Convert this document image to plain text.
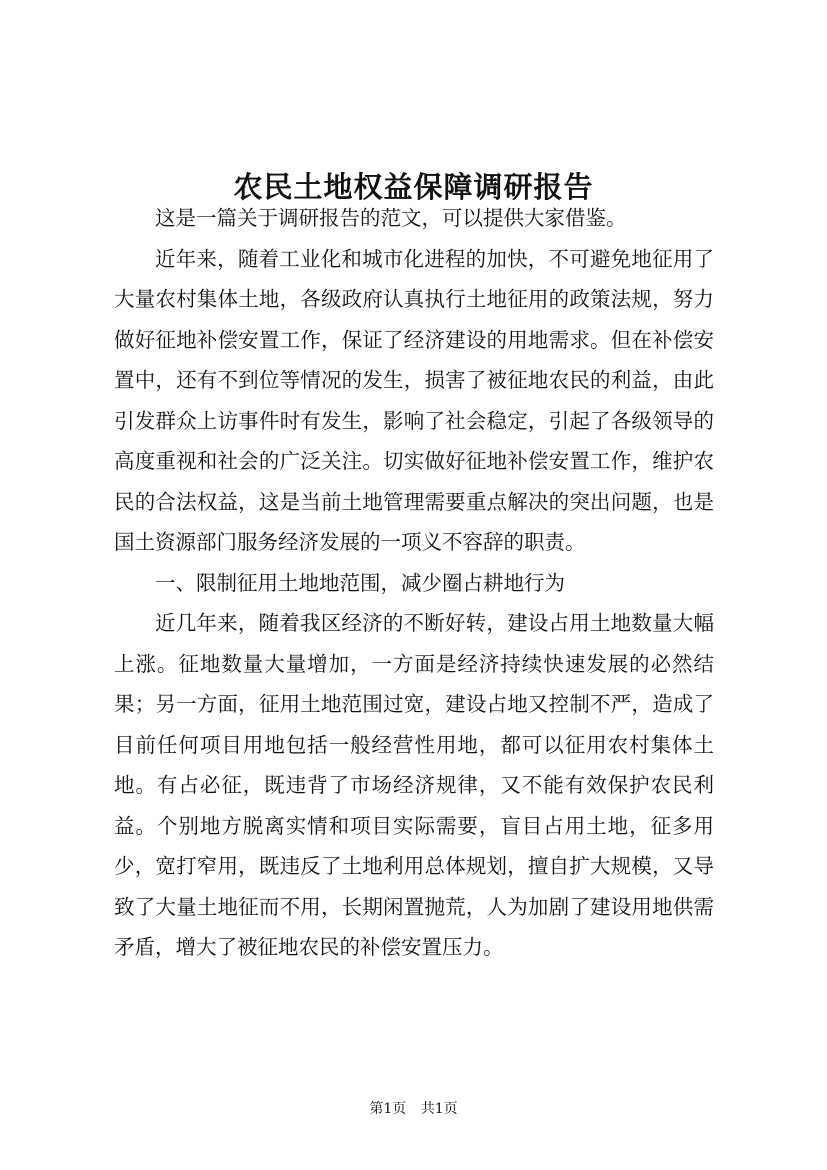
农民土地权益保障调研报告

这是一篇关于调研报告的范文，可以提供大家借鉴。

近年来，随着工业化和城市化进程的加快，不可避免地征用了大量农村集体土地，各级政府认真执行土地征用的政策法规，努力做好征地补偿安置工作，保证了经济建设的用地需求。但在补偿安置中，还有不到位等情况的发生，损害了被征地农民的利益，由此引发群众上访事件时有发生，影响了社会稳定，引起了各级领导的高度重视和社会的广泛关注。切实做好征地补偿安置工作，维护农民的合法权益，这是当前土地管理需要重点解决的突出问题，也是国土资源部门服务经济发展的一项义不容辞的职责。

一、限制征用土地地范围，减少圈占耕地行为

近几年来，随着我区经济的不断好转，建设占用土地数量大幅上涨。征地数量大量增加，一方面是经济持续快速发展的必然结果；另一方面，征用土地范围过宽，建设占地又控制不严，造成了目前任何项目用地包括一般经营性用地，都可以征用农村集体土地。有占必征，既违背了市场经济规律，又不能有效保护农民利益。个别地方脱离实情和项目实际需要，盲目占用土地，征多用少，宽打窄用，既违反了土地利用总体规划，擅自扩大规模，又导致了大量土地征而不用，长期闲置抛荒，人为加剧了建设用地供需矛盾，增大了被征地农民的补偿安置压力。

第1页 共1页
